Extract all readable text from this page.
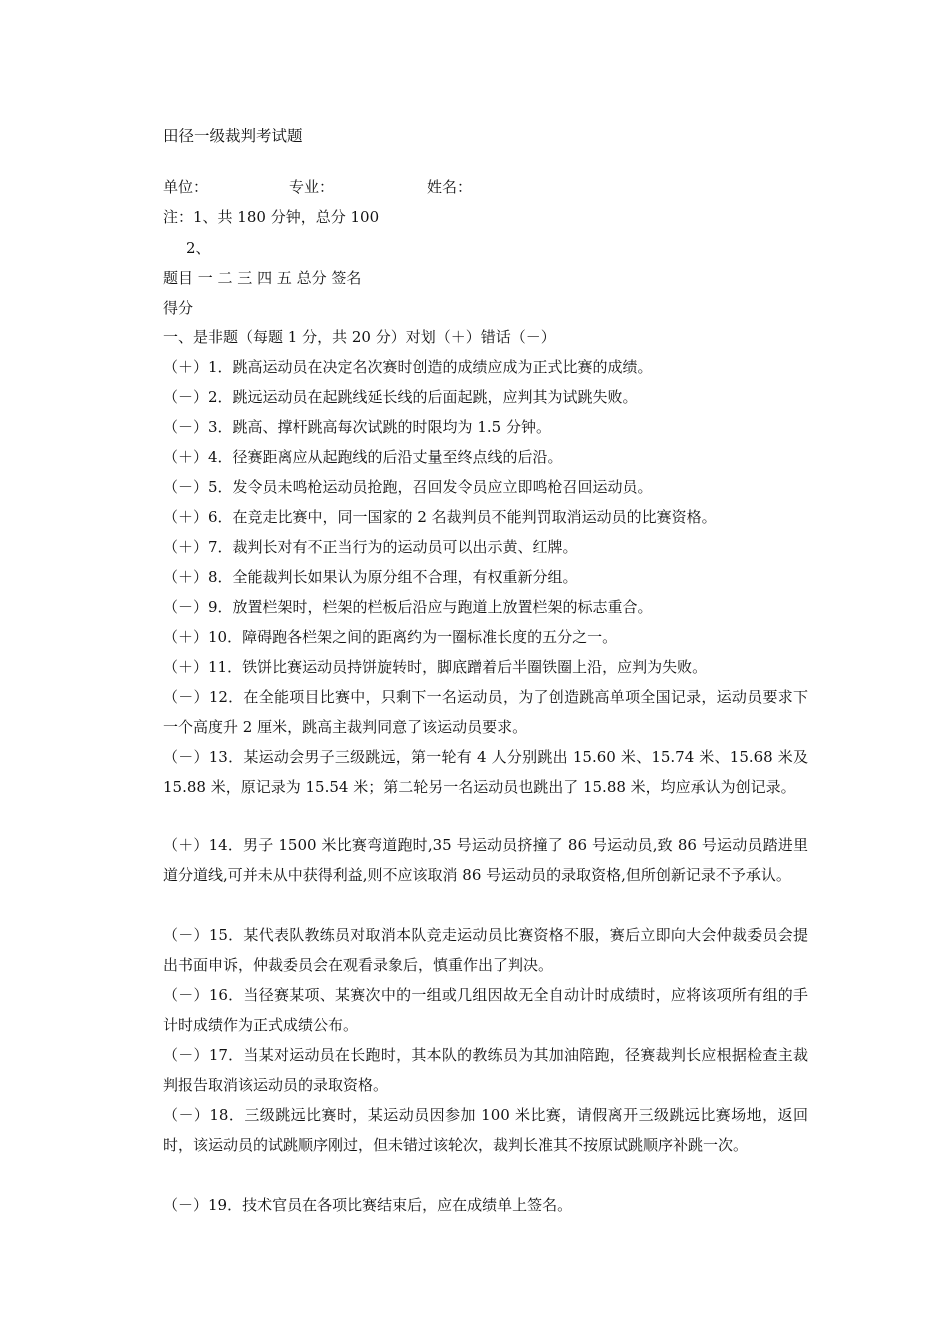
田径一级裁判考试题
单位：	专业：	姓名：
注：1、共 180 分钟，总分 100
2、
题目 一 二 三 四 五 总分 签名
得分
一、是非题（每题 1 分，共 20 分）对划（＋）错话（－）
（＋）1．跳高运动员在决定名次赛时创造的成绩应成为正式比赛的成绩。
（－）2．跳远运动员在起跳线延长线的后面起跳，应判其为试跳失败。
（－）3．跳高、撑杆跳高每次试跳的时限均为 1.5 分钟。
（＋）4．径赛距离应从起跑线的后沿丈量至终点线的后沿。
（－）5．发令员未鸣枪运动员抢跑，召回发令员应立即鸣枪召回运动员。
（＋）6．在竞走比赛中，同一国家的 2 名裁判员不能判罚取消运动员的比赛资格。
（＋）7．裁判长对有不正当行为的运动员可以出示黄、红牌。
（＋）8．全能裁判长如果认为原分组不合理，有权重新分组。
（－）9．放置栏架时，栏架的栏板后沿应与跑道上放置栏架的标志重合。
（＋）10．障碍跑各栏架之间的距离约为一圈标准长度的五分之一。
（＋）11．铁饼比赛运动员持饼旋转时，脚底蹭着后半圈铁圈上沿，应判为失败。
（－）12．在全能项目比赛中，只剩下一名运动员，为了创造跳高单项全国记录，运动员要求下一个高度升 2 厘米，跳高主裁判同意了该运动员要求。
（－）13．某运动会男子三级跳远，第一轮有 4 人分别跳出 15.60 米、15.74 米、15.68 米及 15.88 米，原记录为 15.54 米；第二轮另一名运动员也跳出了 15.88 米，均应承认为创记录。
（＋）14．男子 1500 米比赛弯道跑时,35 号运动员挤撞了 86 号运动员,致 86 号运动员踏进里道分道线,可并未从中获得利益,则不应该取消 86 号运动员的录取资格,但所创新记录不予承认。
（－）15．某代表队教练员对取消本队竞走运动员比赛资格不服，赛后立即向大会仲裁委员会提出书面申诉，仲裁委员会在观看录象后，慎重作出了判决。
（－）16．当径赛某项、某赛次中的一组或几组因故无全自动计时成绩时，应将该项所有组的手计时成绩作为正式成绩公布。
（－）17．当某对运动员在长跑时，其本队的教练员为其加油陪跑，径赛裁判长应根据检查主裁判报告取消该运动员的录取资格。
（－）18．三级跳远比赛时，某运动员因参加 100 米比赛，请假离开三级跳远比赛场地，返回时，该运动员的试跳顺序刚过，但未错过该轮次，裁判长准其不按原试跳顺序补跳一次。
（－）19．技术官员在各项比赛结束后，应在成绩单上签名。
